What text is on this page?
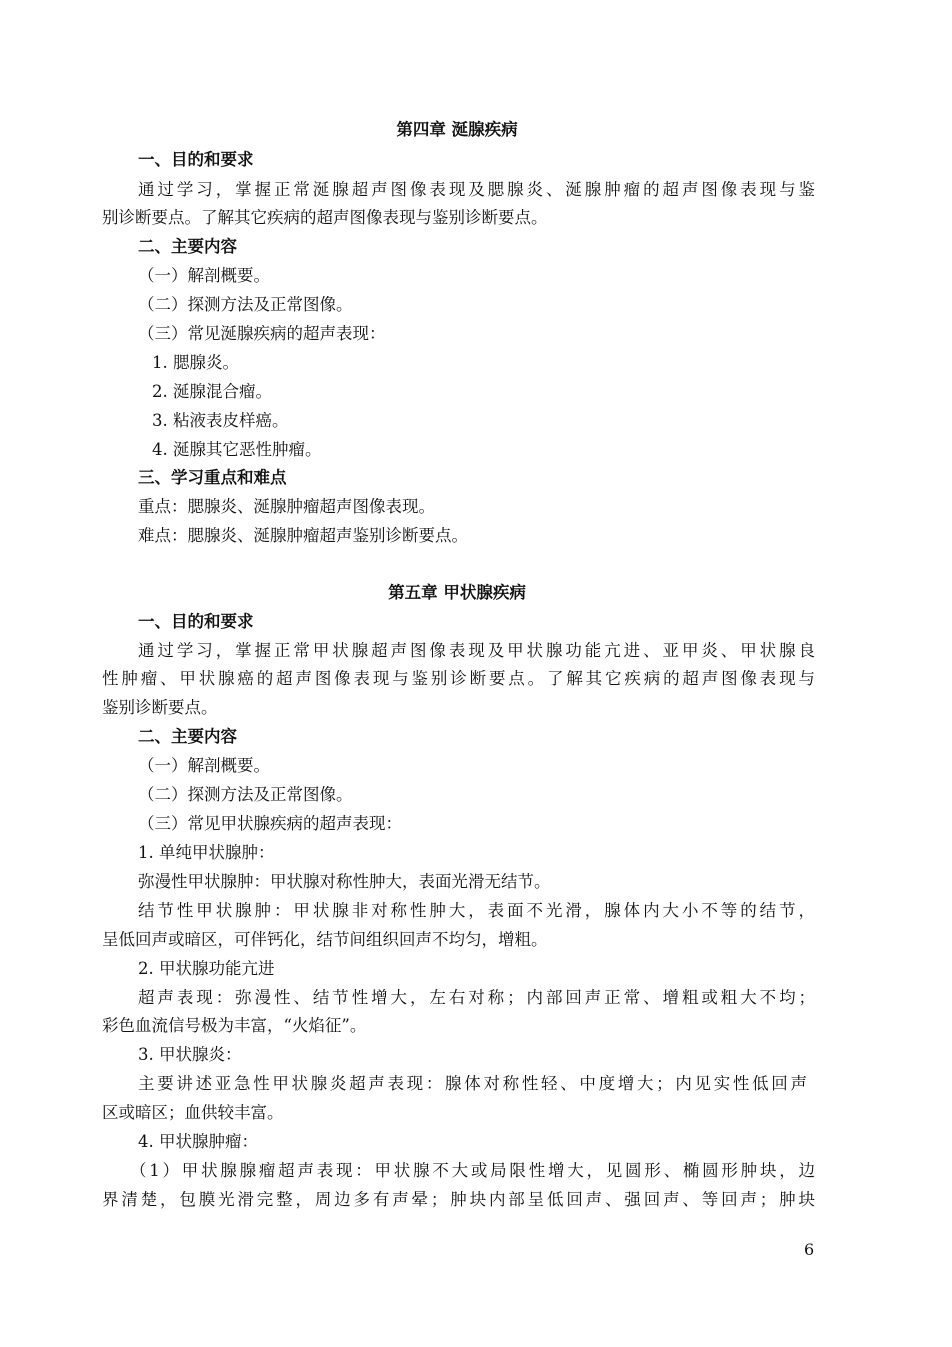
第四章 涎腺疾病
一、目的和要求
通过学习，掌握正常涎腺超声图像表现及腮腺炎、涎腺肿瘤的超声图像表现与鉴
别诊断要点。了解其它疾病的超声图像表现与鉴别诊断要点。
二、主要内容
（一）解剖概要。
（二）探测方法及正常图像。
（三）常见涎腺疾病的超声表现：
1. 腮腺炎。
2. 涎腺混合瘤。
3. 粘液表皮样癌。
4. 涎腺其它恶性肿瘤。
三、学习重点和难点
重点：腮腺炎、涎腺肿瘤超声图像表现。
难点：腮腺炎、涎腺肿瘤超声鉴别诊断要点。
第五章 甲状腺疾病
一、目的和要求
通过学习，掌握正常甲状腺超声图像表现及甲状腺功能亢进、亚甲炎、甲状腺良
性肿瘤、甲状腺癌的超声图像表现与鉴别诊断要点。了解其它疾病的超声图像表现与
鉴别诊断要点。
二、主要内容
（一）解剖概要。
（二）探测方法及正常图像。
（三）常见甲状腺疾病的超声表现：
1. 单纯甲状腺肿：
弥漫性甲状腺肿：甲状腺对称性肿大，表面光滑无结节。
结节性甲状腺肿：甲状腺非对称性肿大，表面不光滑，腺体内大小不等的结节，
呈低回声或暗区，可伴钙化，结节间组织回声不均匀，增粗。
2. 甲状腺功能亢进
超声表现：弥漫性、结节性增大，左右对称；内部回声正常、增粗或粗大不均；
彩色血流信号极为丰富，“火焰征”。
3. 甲状腺炎：
主要讲述亚急性甲状腺炎超声表现：腺体对称性轻、中度增大；内见实性低回声
区或暗区；血供较丰富。
4. 甲状腺肿瘤：
（1）甲状腺腺瘤超声表现：甲状腺不大或局限性增大，见圆形、椭圆形肿块，边
界清楚，包膜光滑完整，周边多有声晕；肿块内部呈低回声、强回声、等回声；肿块
6
